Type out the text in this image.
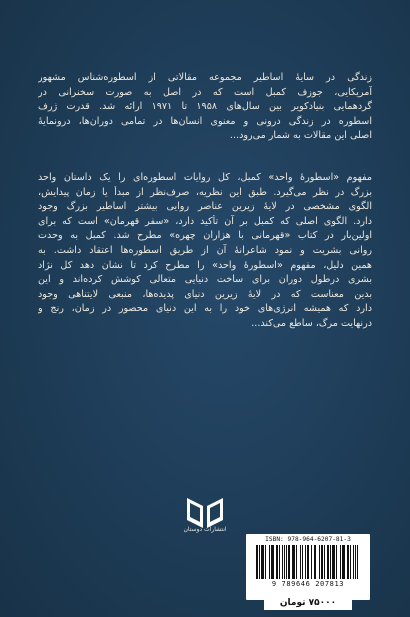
زندگی در سایهٔ اساطیر مجموعه مقالاتی از اسطوره‌شناس مشهور
آمریکایی، جوزف کمبل است که در اصل به صورت سخنرانی در
گردهمایی بنیادکویر بین سال‌های ۱۹۵۸ تا ۱۹۷۱ ارائه شد. قدرت ژرف
اسطوره در زندگی درونی و معنوی انسان‌ها در تمامی دوران‌ها، درونمایهٔ
اصلی این مقالات به شمار می‌رود...
مفهوم «اسطورهٔ واحد» کمبل، کل روایات اسطوره‌ای را یک داستان واحد
بزرگ در نظر می‌گیرد. طبق این نظریه، صرف‌نظر از مبدأ یا زمان پیدایش،
الگوی مشخصی در لایهٔ زیرین عناصر روایی بیشتر اساطیر بزرگ وجود
دارد. الگوی اصلی که کمبل بر آن تأکید دارد، «سفر قهرمان» است که برای
اولین‌بار در کتاب «قهرمانی با هزاران چهره» مطرح شد. کمبل به وحدت
روانی بشریت و نمود شاعرانهٔ آن از طریق اسطوره‌ها اعتقاد داشت. به
همین دلیل، مفهوم «اسطورهٔ واحد» را مطرح کرد تا نشان دهد کل نژاد
بشری درطول دوران برای ساخت دنیایی متعالی کوشش کرده‌اند و این
بدین معناست که در لایهٔ زیرین دنیای پدیده‌ها، منبعی لایتناهی وجود
دارد که همیشه انرژی‌های خود را به این دنیای محصور در زمان، رنج و
درنهایت مرگ، ساطع می‌کند...
انتشارات دوستان
ISBN: 978-964-6207-81-3
9 789646 207813
۷۵۰۰۰ تومان
